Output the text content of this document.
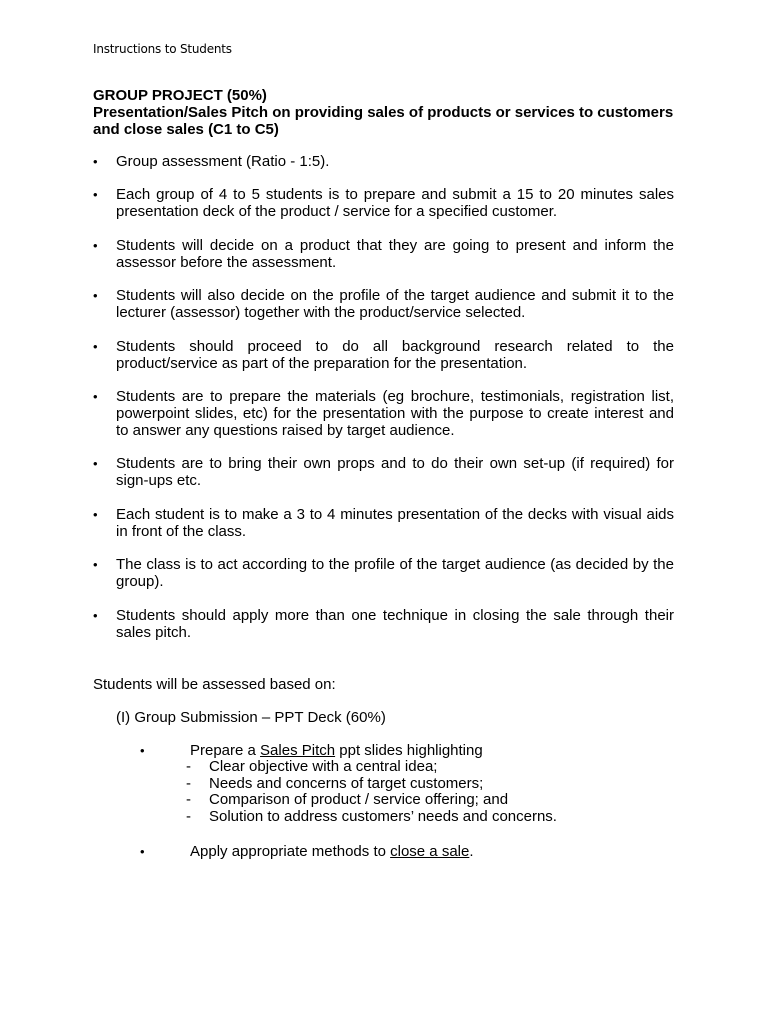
Instructions to Students
GROUP PROJECT (50%)
Presentation/Sales Pitch on providing sales of products or services to customers and close sales (C1 to C5)
• Group assessment (Ratio - 1:5).
• Each group of 4 to 5 students is to prepare and submit a 15 to 20 minutes sales presentation deck of the product / service for a specified customer.
• Students will decide on a product that they are going to present and inform the assessor before the assessment.
• Students will also decide on the profile of the target audience and submit it to the lecturer (assessor) together with the product/service selected.
• Students should proceed to do all background research related to the product/service as part of the preparation for the presentation.
• Students are to prepare the materials (eg brochure, testimonials, registration list, powerpoint slides, etc) for the presentation with the purpose to create interest and to answer any questions raised by target audience.
• Students are to bring their own props and to do their own set-up (if required) for sign-ups etc.
• Each student is to make a 3 to 4 minutes presentation of the decks with visual aids in front of the class.
• The class is to act according to the profile of the target audience (as decided by the group).
• Students should apply more than one technique in closing the sale through their sales pitch.
Students will be assessed based on:
(I) Group Submission – PPT Deck (60%)
•	Prepare a Sales Pitch ppt slides highlighting
- Clear objective with a central idea;
- Needs and concerns of target customers;
- Comparison of product / service offering; and
- Solution to address customers’ needs and concerns.
•	Apply appropriate methods to close a sale.
